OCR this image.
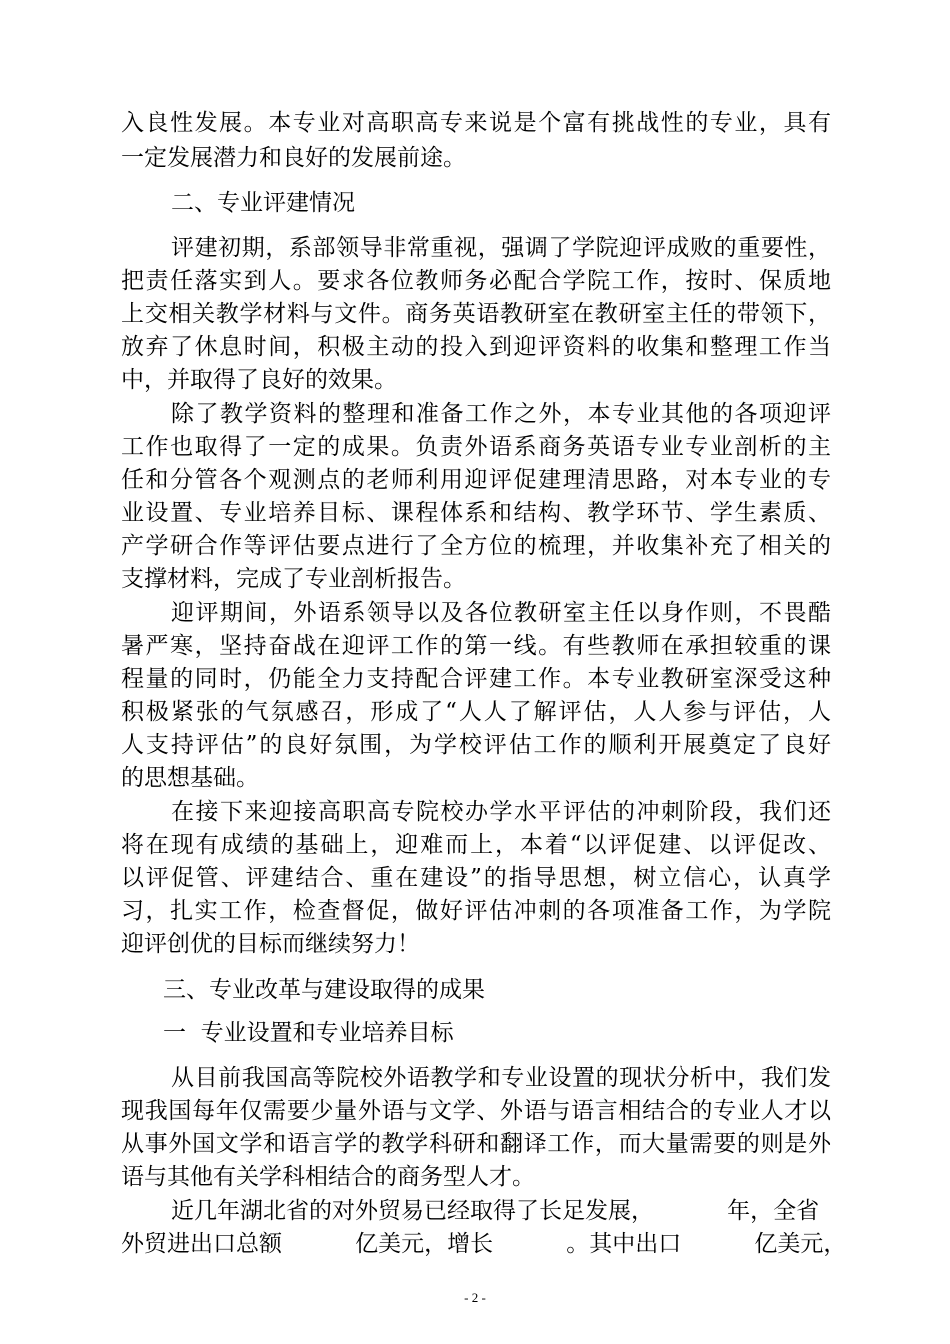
入良性发展。本专业对高职高专来说是个富有挑战性的专业，具有
一定发展潜力和良好的发展前途。
二、专业评建情况
评建初期，系部领导非常重视，强调了学院迎评成败的重要性，
把责任落实到人。要求各位教师务必配合学院工作，按时、保质地
上交相关教学材料与文件。商务英语教研室在教研室主任的带领下，
放弃了休息时间，积极主动的投入到迎评资料的收集和整理工作当
中，并取得了良好的效果。
除了教学资料的整理和准备工作之外，本专业其他的各项迎评
工作也取得了一定的成果。负责外语系商务英语专业专业剖析的主
任和分管各个观测点的老师利用迎评促建理清思路，对本专业的专
业设置、专业培养目标、课程体系和结构、教学环节、学生素质、
产学研合作等评估要点进行了全方位的梳理，并收集补充了相关的
支撑材料，完成了专业剖析报告。
迎评期间，外语系领导以及各位教研室主任以身作则，不畏酷
暑严寒，坚持奋战在迎评工作的第一线。有些教师在承担较重的课
程量的同时，仍能全力支持配合评建工作。本专业教研室深受这种
积极紧张的气氛感召，形成了“人人了解评估，人人参与评估，人
人支持评估”的良好氛围，为学校评估工作的顺利开展奠定了良好
的思想基础。
在接下来迎接高职高专院校办学水平评估的冲刺阶段，我们还
将在现有成绩的基础上，迎难而上，本着“以评促建、以评促改、
以评促管、评建结合、重在建设”的指导思想，树立信心，认真学
习，扎实工作，检查督促，做好评估冲刺的各项准备工作，为学院
迎评创优的目标而继续努力！
三、专业改革与建设取得的成果
一  专业设置和专业培养目标
从目前我国高等院校外语教学和专业设置的现状分析中，我们发
现我国每年仅需要少量外语与文学、外语与语言相结合的专业人才以
从事外国文学和语言学的教学科研和翻译工作，而大量需要的则是外
语与其他有关学科相结合的商务型人才。
近几年湖北省的对外贸易已经取得了长足发展，          年，全省
外贸进出口总额          亿美元，增长          。其中出口          亿美元，
- 2 -
